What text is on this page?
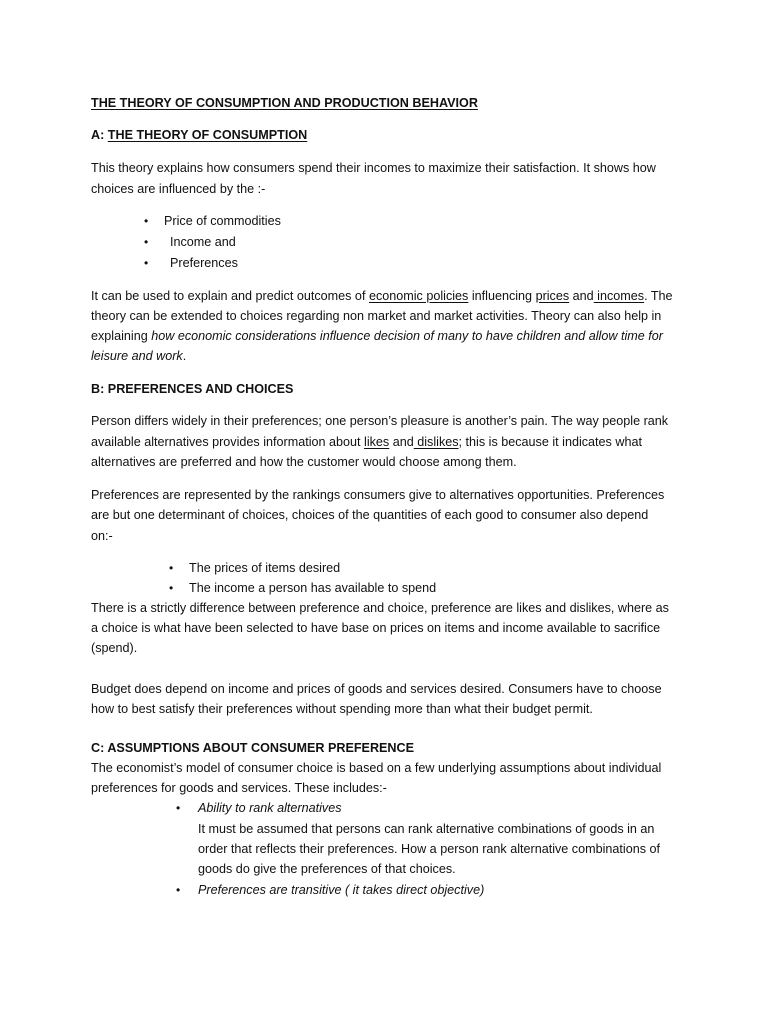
THE THEORY OF CONSUMPTION AND PRODUCTION BEHAVIOR
A: THE THEORY OF CONSUMPTION
This theory explains how consumers spend their incomes to maximize their satisfaction. It shows how
choices are influenced by the :-
• Price of commodities
• Income and
• Preferences
It can be used to explain and predict outcomes of economic policies influencing prices and incomes. The
theory can be extended to choices regarding non market and market activities. Theory can also help in
explaining how economic considerations influence decision of many to have children and allow time for
leisure and work.
B: PREFERENCES AND CHOICES
Person differs widely in their preferences; one person’s pleasure is another’s pain. The way people rank
available alternatives provides information about likes and dislikes; this is because it indicates what
alternatives are preferred and how the customer would choose among them.
Preferences are represented by the rankings consumers give to alternatives opportunities. Preferences
are but one determinant of choices, choices of the quantities of each good to consumer also depend
on:-
• The prices of items desired
• The income a person has available to spend
There is a strictly difference between preference and choice, preference are likes and dislikes, where as
a choice is what have been selected to have base on prices on items and income available to sacrifice
(spend).
Budget does depend on income and prices of goods and services desired. Consumers have to choose
how to best satisfy their preferences without spending more than what their budget permit.
C: ASSUMPTIONS ABOUT CONSUMER PREFERENCE
The economist’s model of consumer choice is based on a few underlying assumptions about individual
preferences for goods and services. These includes:-
• Ability to rank alternatives
It must be assumed that persons can rank alternative combinations of goods in an
order that reflects their preferences. How a person rank alternative combinations of
goods do give the preferences of that choices.
• Preferences are transitive ( it takes direct objective)
